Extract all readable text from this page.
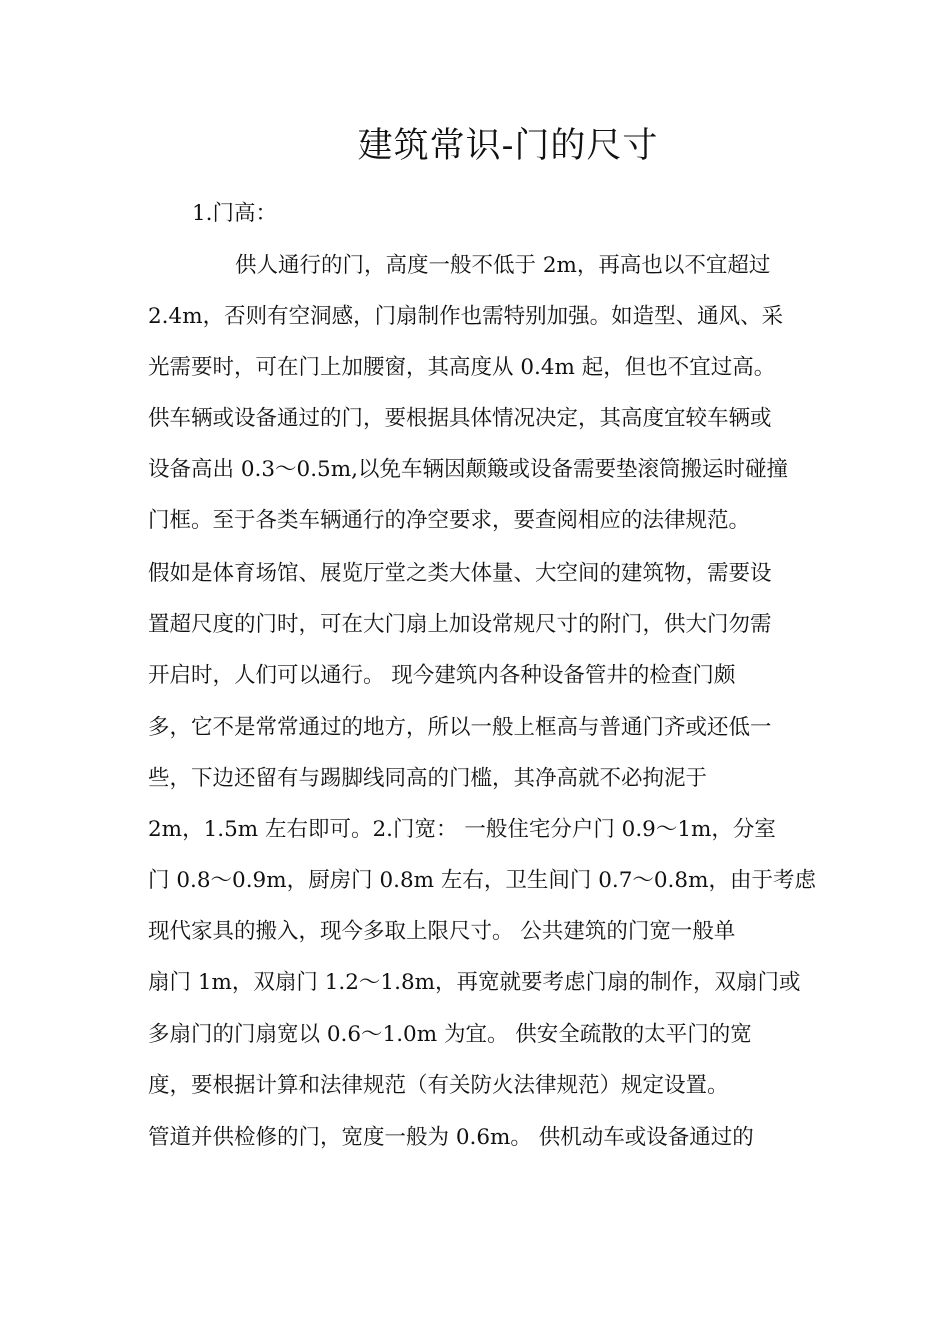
建筑常识-门的尺寸
1.门高：
供人通行的门，高度一般不低于 2m，再高也以不宜超过
2.4m，否则有空洞感，门扇制作也需特别加强。如造型、通风、采
光需要时，可在门上加腰窗，其高度从 0.4m 起，但也不宜过高。
供车辆或设备通过的门，要根据具体情况决定，其高度宜较车辆或
设备高出 0.3～0.5m,以免车辆因颠簸或设备需要垫滚筒搬运时碰撞
门框。至于各类车辆通行的净空要求，要查阅相应的法律规范。
假如是体育场馆、展览厅堂之类大体量、大空间的建筑物，需要设
置超尺度的门时，可在大门扇上加设常规尺寸的附门，供大门勿需
开启时，人们可以通行。 现今建筑内各种设备管井的检查门颇
多，它不是常常通过的地方，所以一般上框高与普通门齐或还低一
些，下边还留有与踢脚线同高的门槛，其净高就不必拘泥于
2m，1.5m 左右即可。2.门宽： 一般住宅分户门 0.9～1m，分室
门 0.8～0.9m，厨房门 0.8m 左右，卫生间门 0.7～0.8m，由于考虑
现代家具的搬入，现今多取上限尺寸。 公共建筑的门宽一般单
扇门 1m，双扇门 1.2～1.8m，再宽就要考虑门扇的制作，双扇门或
多扇门的门扇宽以 0.6～1.0m 为宜。 供安全疏散的太平门的宽
度，要根据计算和法律规范（有关防火法律规范）规定设置。
管道并供检修的门，宽度一般为 0.6m。 供机动车或设备通过的
